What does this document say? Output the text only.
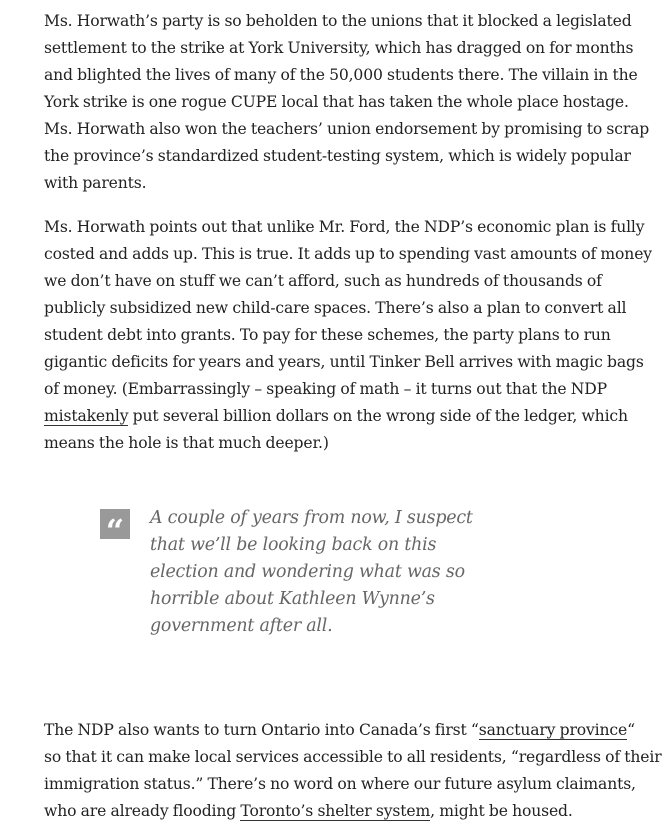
Ms. Horwath’s party is so beholden to the unions that it blocked a legislated
settlement to the strike at York University, which has dragged on for months
and blighted the lives of many of the 50,000 students there. The villain in the
York strike is one rogue CUPE local that has taken the whole place hostage.
Ms. Horwath also won the teachers’ union endorsement by promising to scrap
the province’s standardized student-testing system, which is widely popular
with parents.

Ms. Horwath points out that unlike Mr. Ford, the NDP’s economic plan is fully
costed and adds up. This is true. It adds up to spending vast amounts of money
we don’t have on stuff we can’t afford, such as hundreds of thousands of
publicly subsidized new child-care spaces. There’s also a plan to convert all
student debt into grants. To pay for these schemes, the party plans to run
gigantic deficits for years and years, until Tinker Bell arrives with magic bags
of money. (Embarrassingly – speaking of math – it turns out that the NDP
mistakenly put several billion dollars on the wrong side of the ledger, which
means the hole is that much deeper.)

The NDP also wants to turn Ontario into Canada’s first “sanctuary province“
so that it can make local services accessible to all residents, “regardless of their
immigration status.” There’s no word on where our future asylum claimants,
who are already flooding Toronto’s shelter system, might be housed.

“	A couple of years from now, I suspect
that we’ll be looking back on this
election and wondering what was so
horrible about Kathleen Wynne’s
government after all.
